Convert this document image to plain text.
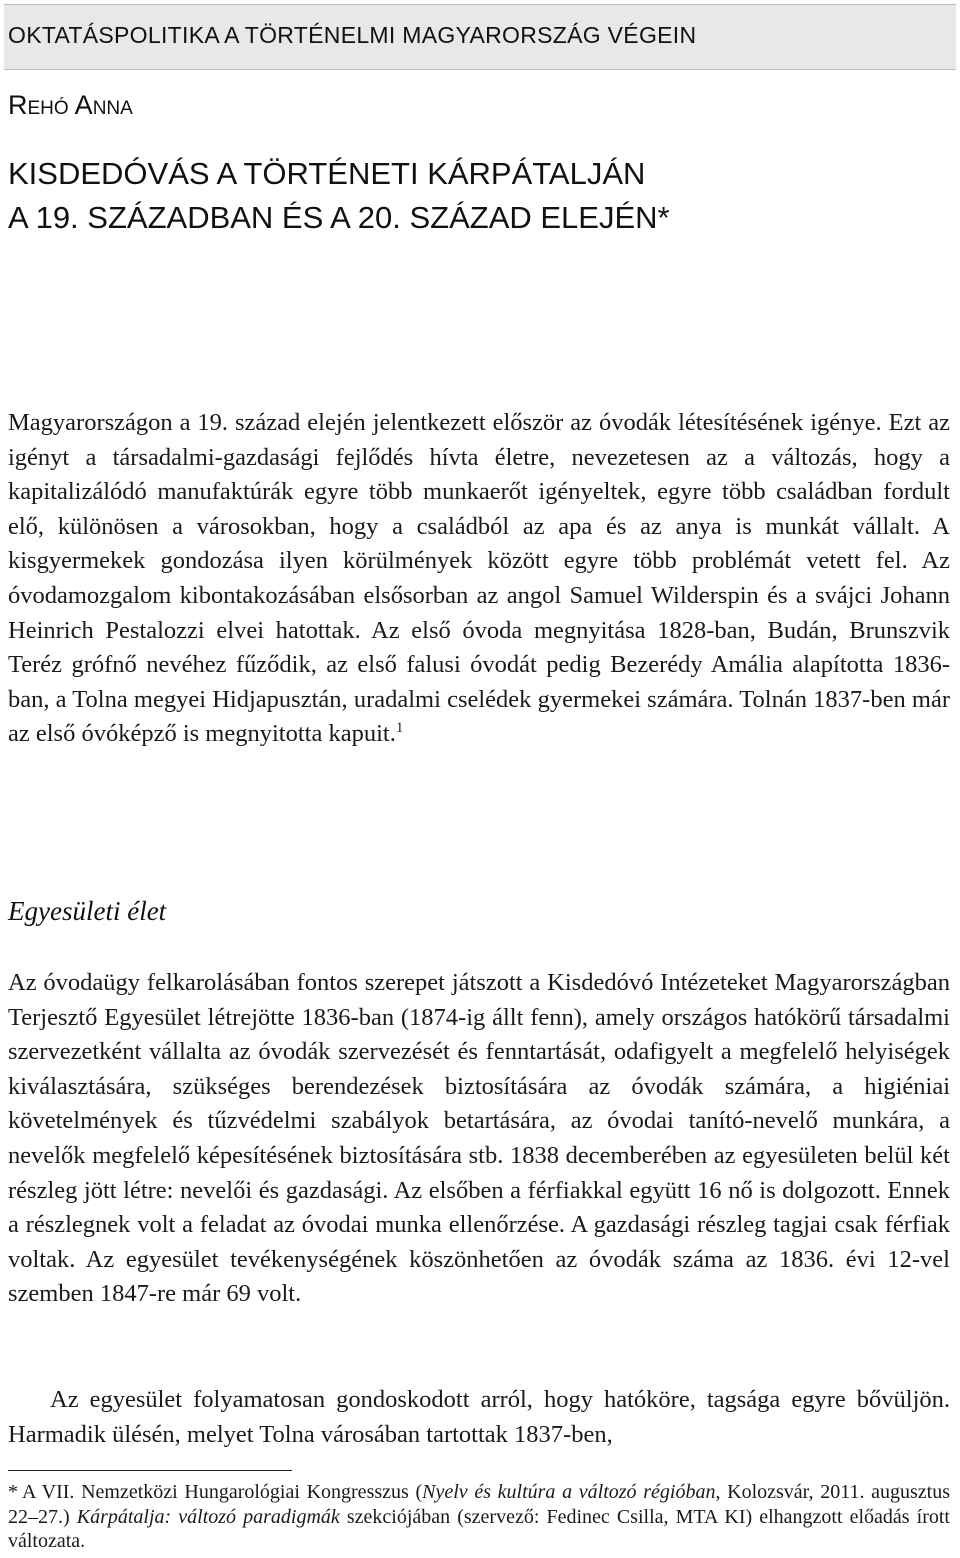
OKTATÁSPOLITIKA A TÖRTÉNELMI MAGYARORSZÁG VÉGEIN
Rehó Anna
KISDEDÓVÁS A TÖRTÉNETI KÁRPÁTALJÁN
A 19. SZÁZADBAN ÉS A 20. SZÁZAD ELEJÉN*
Magyarországon a 19. század elején jelentkezett először az óvodák létesítésének igénye. Ezt az igényt a társadalmi-gazdasági fejlődés hívta életre, nevezetesen az a változás, hogy a kapitalizálódó manufaktúrák egyre több munkaerőt igényeltek, egyre több családban fordult elő, különösen a városokban, hogy a családból az apa és az anya is munkát vállalt. A kisgyermekek gondozása ilyen körülmények között egyre több problémát vetett fel. Az óvodamozgalom kibontakozásában elsősorban az angol Samuel Wilderspin és a svájci Johann Heinrich Pestalozzi elvei hatottak. Az első óvoda megnyitása 1828-ban, Budán, Brunszvik Teréz grófnő nevéhez fűződik, az első falusi óvodát pedig Bezerédy Amália alapította 1836-ban, a Tolna megyei Hidjapusztán, uradalmi cselédek gyermekei számára. Tolnán 1837-ben már az első óvóképző is megnyitotta kapuit.$^1$
Egyesületi élet
Az óvodaügy felkarolásában fontos szerepet játszott a Kisdedóvó Intézeteket Magyarországban Terjesztő Egyesület létrejötte 1836-ban (1874-ig állt fenn), amely országos hatókörű társadalmi szervezetként vállalta az óvodák szervezését és fenntartását, odafigyelt a megfelelő helyiségek kiválasztására, szükséges berendezések biztosítására az óvodák számára, a higiéniai követelmények és tűzvédelmi szabályok betartására, az óvodai tanító-nevelő munkára, a nevelők megfelelő képesítésének biztosítására stb. 1838 decemberében az egyesületen belül két részleg jött létre: nevelői és gazdasági. Az elsőben a férfiakkal együtt 16 nő is dolgozott. Ennek a részlegnek volt a feladat az óvodai munka ellenőrzése. A gazdasági részleg tagjai csak férfiak voltak. Az egyesület tevékenységének köszönhetően az óvodák száma az 1836. évi 12-vel szemben 1847-re már 69 volt.
Az egyesület folyamatosan gondoskodott arról, hogy hatóköre, tagsága egyre bővüljön. Harmadik ülésén, melyet Tolna városában tartottak 1837-ben,
* A VII. Nemzetközi Hungarológiai Kongresszus (Nyelv és kultúra a változó régióban, Kolozsvár, 2011. augusztus 22–27.) Kárpátalja: változó paradigmák szekciójában (szervező: Fedinec Csilla, MTA KI) elhangzott előadás írott változata.
